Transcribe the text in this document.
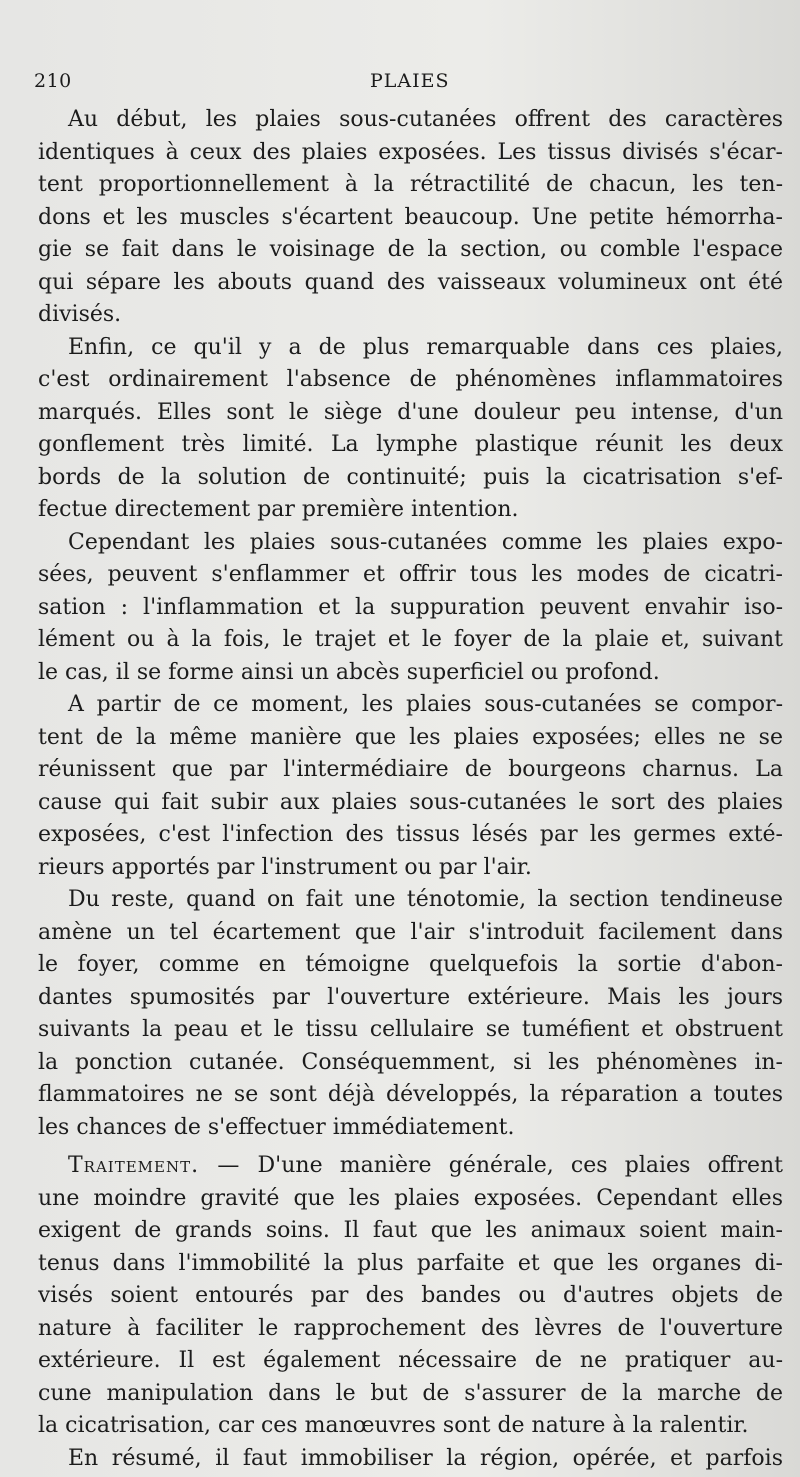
210	PLAIES
Au début, les plaies sous-cutanées offrent des caractères
identiques à ceux des plaies exposées. Les tissus divisés s'écar-
tent proportionnellement à la rétractilité de chacun, les ten-
dons et les muscles s'écartent beaucoup. Une petite hémorrha-
gie se fait dans le voisinage de la section, ou comble l'espace
qui sépare les abouts quand des vaisseaux volumineux ont été
divisés.
Enfin, ce qu'il y a de plus remarquable dans ces plaies,
c'est ordinairement l'absence de phénomènes inflammatoires
marqués. Elles sont le siège d'une douleur peu intense, d'un
gonflement très limité. La lymphe plastique réunit les deux
bords de la solution de continuité; puis la cicatrisation s'ef-
fectue directement par première intention.
Cependant les plaies sous-cutanées comme les plaies expo-
sées, peuvent s'enflammer et offrir tous les modes de cicatri-
sation : l'inflammation et la suppuration peuvent envahir iso-
lément ou à la fois, le trajet et le foyer de la plaie et, suivant
le cas, il se forme ainsi un abcès superficiel ou profond.
A partir de ce moment, les plaies sous-cutanées se compor-
tent de la même manière que les plaies exposées; elles ne se
réunissent que par l'intermédiaire de bourgeons charnus. La
cause qui fait subir aux plaies sous-cutanées le sort des plaies
exposées, c'est l'infection des tissus lésés par les germes exté-
rieurs apportés par l'instrument ou par l'air.
Du reste, quand on fait une ténotomie, la section tendineuse
amène un tel écartement que l'air s'introduit facilement dans
le foyer, comme en témoigne quelquefois la sortie d'abon-
dantes spumosités par l'ouverture extérieure. Mais les jours
suivants la peau et le tissu cellulaire se tuméfient et obstruent
la ponction cutanée. Conséquemment, si les phénomènes in-
flammatoires ne se sont déjà développés, la réparation a toutes
les chances de s'effectuer immédiatement.
Traitement. — D'une manière générale, ces plaies offrent
une moindre gravité que les plaies exposées. Cependant elles
exigent de grands soins. Il faut que les animaux soient main-
tenus dans l'immobilité la plus parfaite et que les organes di-
visés soient entourés par des bandes ou d'autres objets de
nature à faciliter le rapprochement des lèvres de l'ouverture
extérieure. Il est également nécessaire de ne pratiquer au-
cune manipulation dans le but de s'assurer de la marche de
la cicatrisation, car ces manœuvres sont de nature à la ralentir.
En résumé, il faut immobiliser la région, opérée, et parfois
